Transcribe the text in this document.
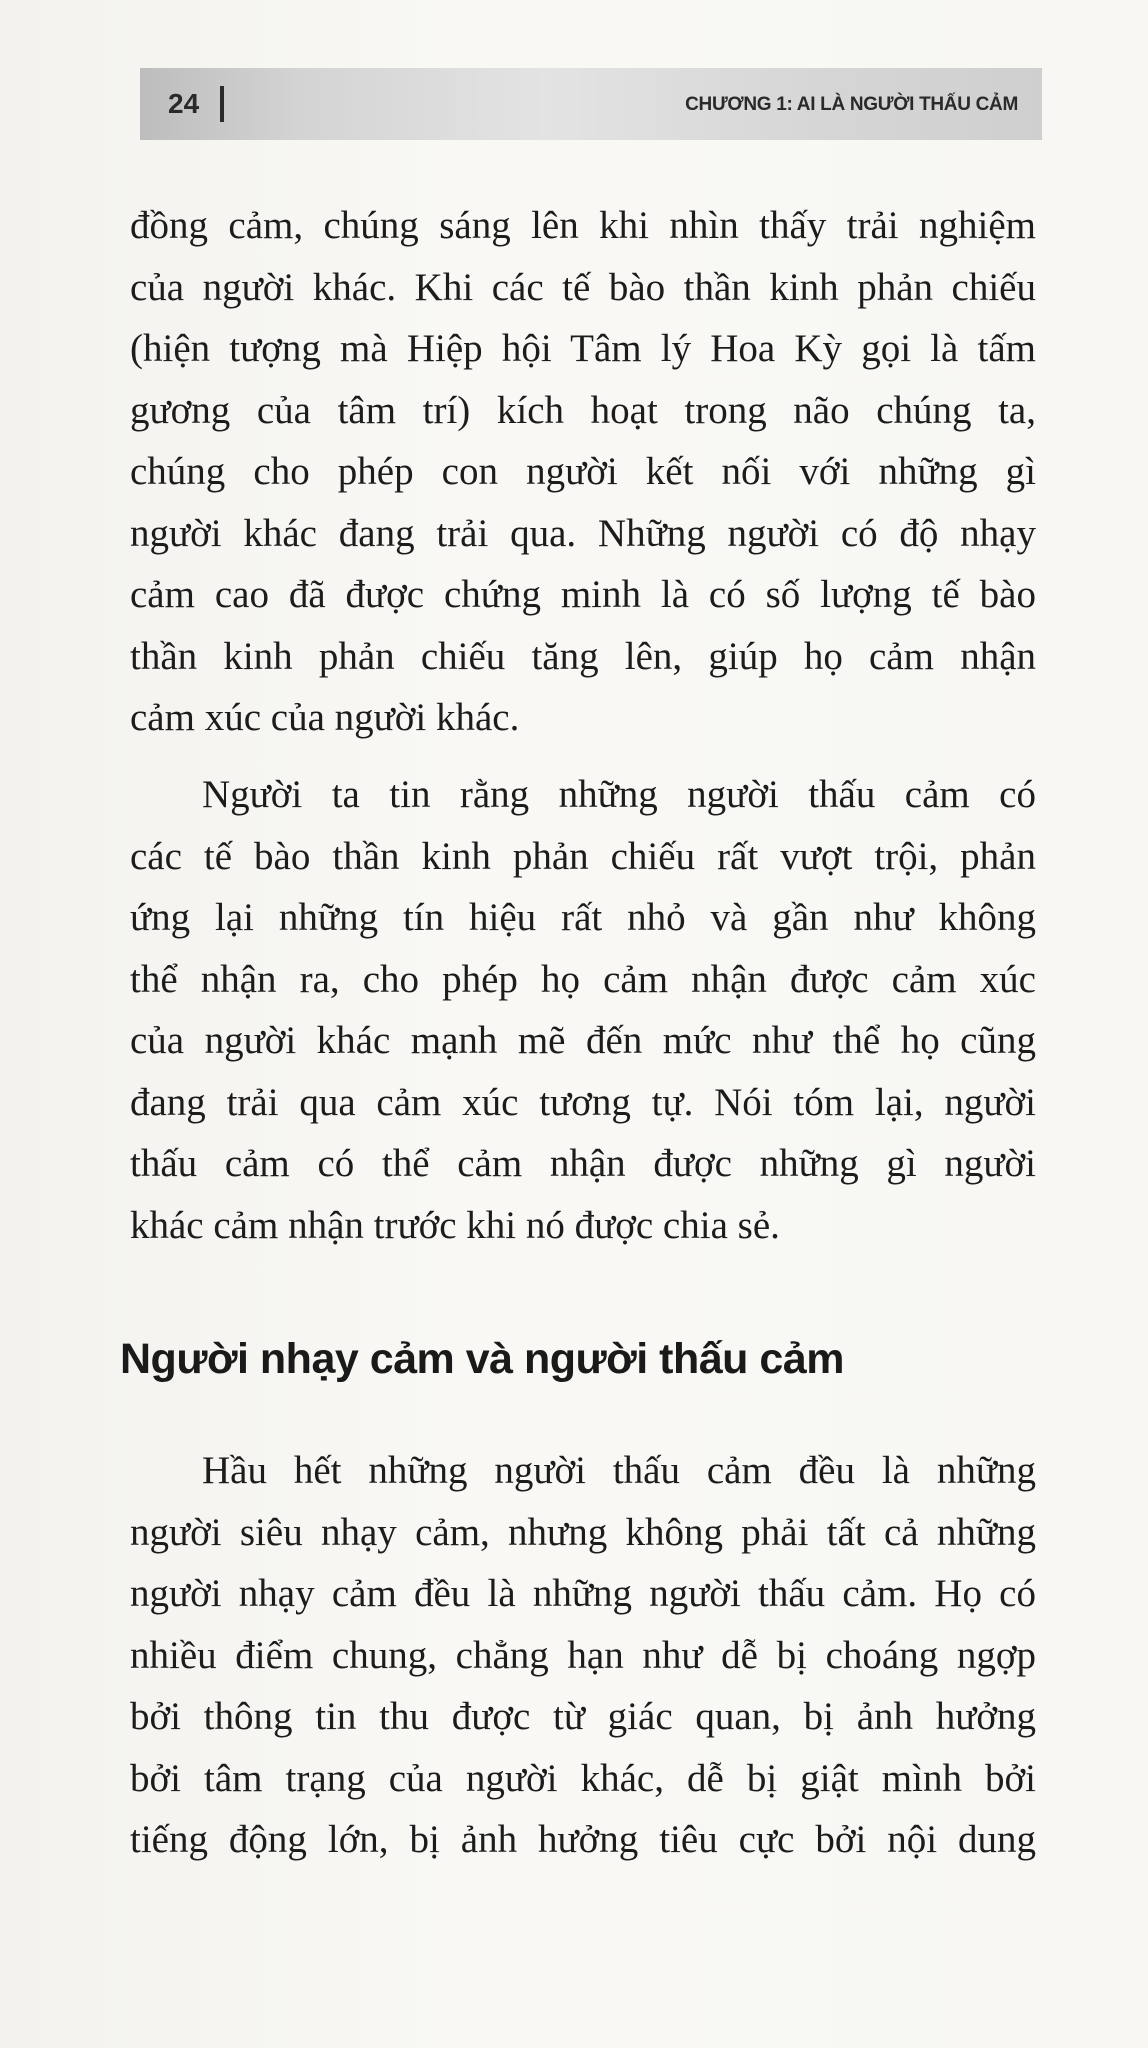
24	CHƯƠNG 1: AI LÀ NGƯỜI THẤU CẢM
đồng cảm, chúng sáng lên khi nhìn thấy trải nghiệm
của người khác. Khi các tế bào thần kinh phản chiếu
(hiện tượng mà Hiệp hội Tâm lý Hoa Kỳ gọi là tấm
gương của tâm trí) kích hoạt trong não chúng ta,
chúng cho phép con người kết nối với những gì
người khác đang trải qua. Những người có độ nhạy
cảm cao đã được chứng minh là có số lượng tế bào
thần kinh phản chiếu tăng lên, giúp họ cảm nhận
cảm xúc của người khác.
Người ta tin rằng những người thấu cảm có
các tế bào thần kinh phản chiếu rất vượt trội, phản
ứng lại những tín hiệu rất nhỏ và gần như không
thể nhận ra, cho phép họ cảm nhận được cảm xúc
của người khác mạnh mẽ đến mức như thể họ cũng
đang trải qua cảm xúc tương tự. Nói tóm lại, người
thấu cảm có thể cảm nhận được những gì người
khác cảm nhận trước khi nó được chia sẻ.
Người nhạy cảm và người thấu cảm
Hầu hết những người thấu cảm đều là những
người siêu nhạy cảm, nhưng không phải tất cả những
người nhạy cảm đều là những người thấu cảm. Họ có
nhiều điểm chung, chẳng hạn như dễ bị choáng ngợp
bởi thông tin thu được từ giác quan, bị ảnh hưởng
bởi tâm trạng của người khác, dễ bị giật mình bởi
tiếng động lớn, bị ảnh hưởng tiêu cực bởi nội dung
